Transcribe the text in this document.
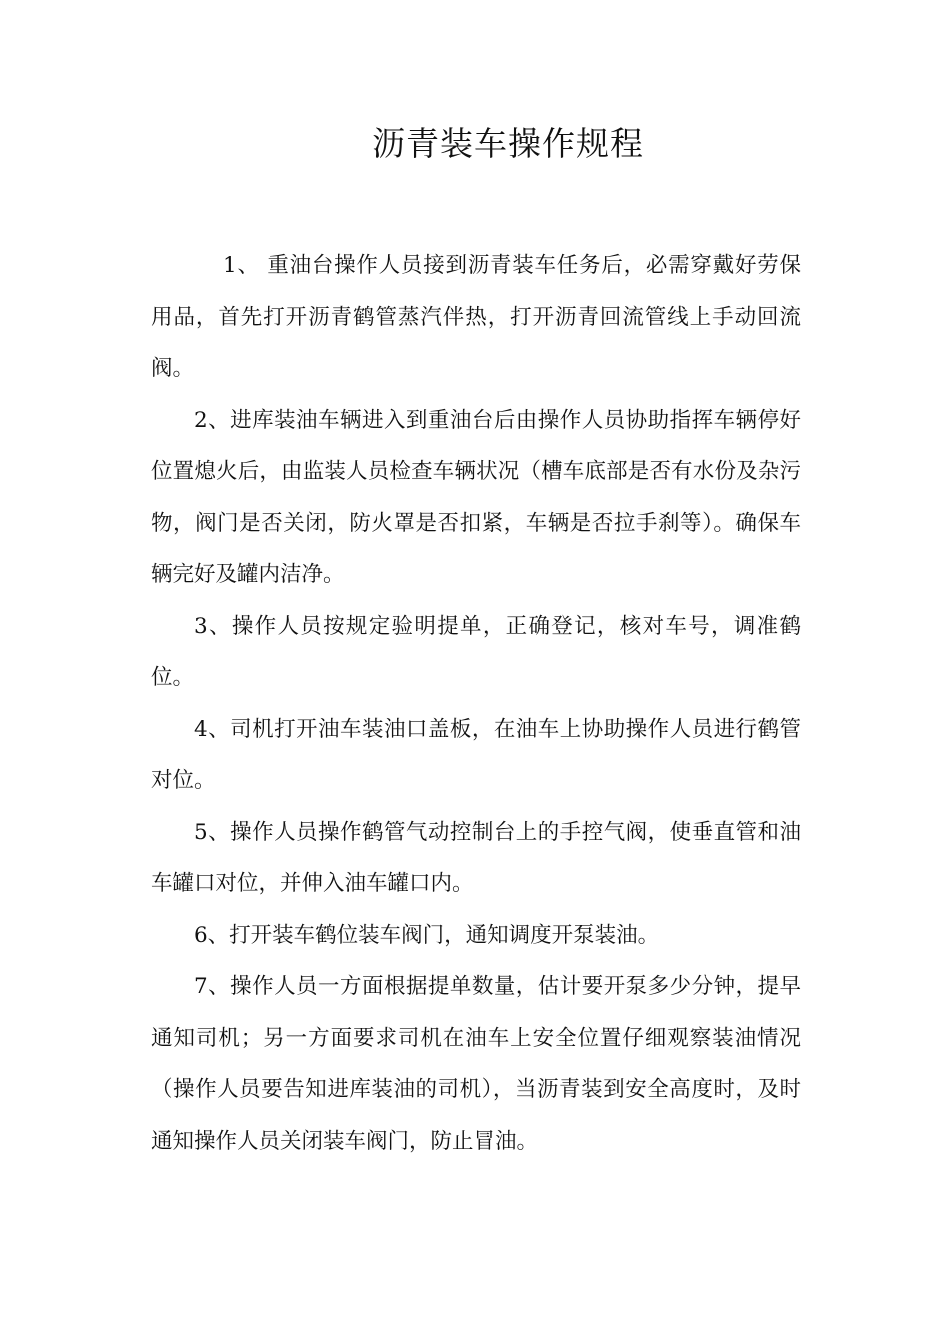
沥青装车操作规程

1、 重油台操作人员接到沥青装车任务后，必需穿戴好劳保用品，首先打开沥青鹤管蒸汽伴热，打开沥青回流管线上手动回流阀。

2、进库装油车辆进入到重油台后由操作人员协助指挥车辆停好位置熄火后，由监装人员检查车辆状况（槽车底部是否有水份及杂污物，阀门是否关闭，防火罩是否扣紧，车辆是否拉手刹等）。确保车辆完好及罐内洁净。

3、操作人员按规定验明提单，正确登记，核对车号，调准鹤位。

4、司机打开油车装油口盖板，在油车上协助操作人员进行鹤管对位。

5、操作人员操作鹤管气动控制台上的手控气阀，使垂直管和油车罐口对位，并伸入油车罐口内。

6、打开装车鹤位装车阀门，通知调度开泵装油。

7、操作人员一方面根据提单数量，估计要开泵多少分钟，提早通知司机；另一方面要求司机在油车上安全位置仔细观察装油情况（操作人员要告知进库装油的司机），当沥青装到安全高度时，及时通知操作人员关闭装车阀门，防止冒油。
